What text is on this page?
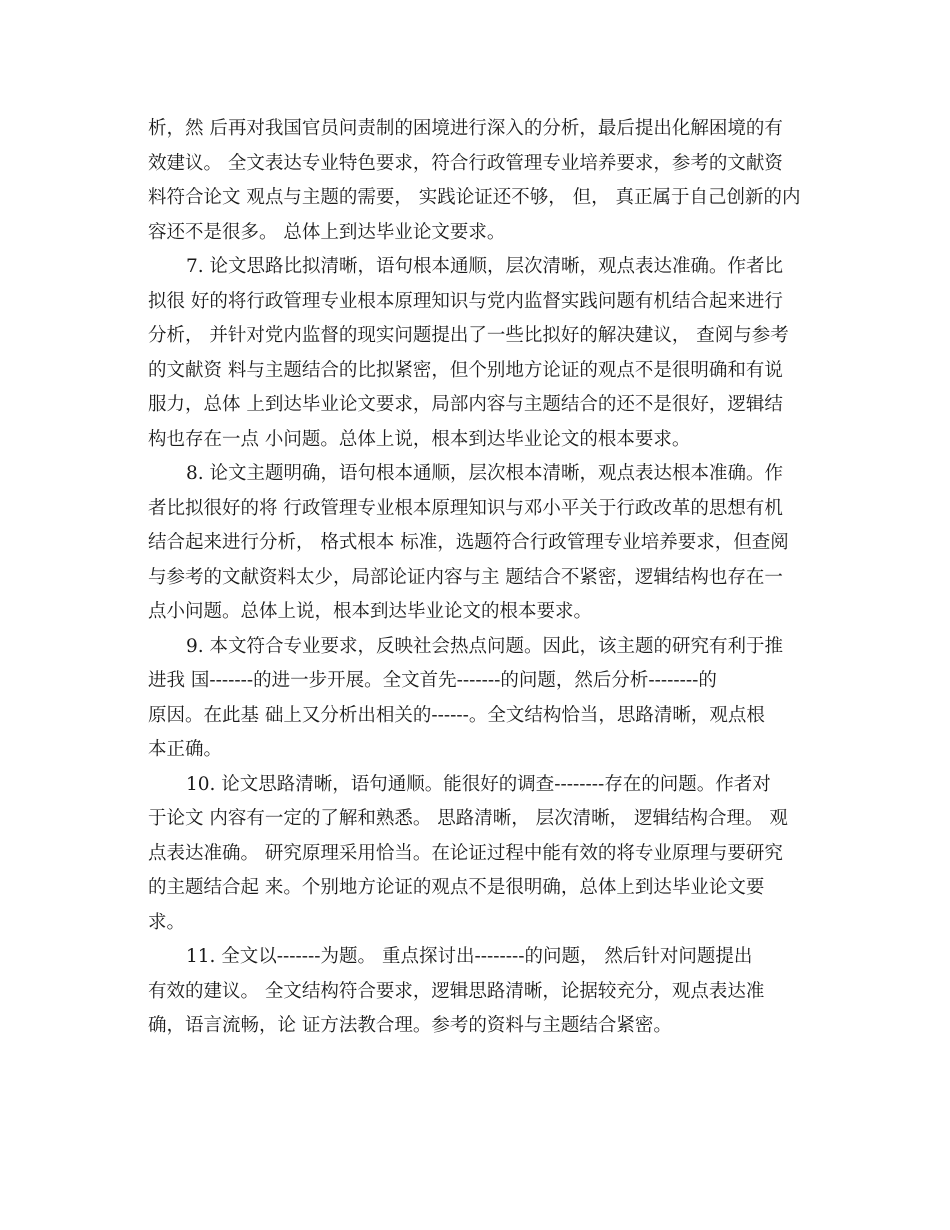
析，然 后再对我国官员问责制的困境进行深入的分析，最后提出化解困境的有
效建议。 全文表达专业特色要求，符合行政管理专业培养要求，参考的文献资
料符合论文 观点与主题的需要， 实践论证还不够， 但， 真正属于自己创新的内
容还不是很多。 总体上到达毕业论文要求。
7. 论文思路比拟清晰，语句根本通顺，层次清晰，观点表达准确。作者比
拟很 好的将行政管理专业根本原理知识与党内监督实践问题有机结合起来进行
分析， 并针对党内监督的现实问题提出了一些比拟好的解决建议， 查阅与参考
的文献资 料与主题结合的比拟紧密，但个别地方论证的观点不是很明确和有说
服力，总体 上到达毕业论文要求，局部内容与主题结合的还不是很好，逻辑结
构也存在一点 小问题。总体上说，根本到达毕业论文的根本要求。
8. 论文主题明确，语句根本通顺，层次根本清晰，观点表达根本准确。作
者比拟很好的将 行政管理专业根本原理知识与邓小平关于行政改革的思想有机
结合起来进行分析， 格式根本 标准，选题符合行政管理专业培养要求，但查阅
与参考的文献资料太少，局部论证内容与主 题结合不紧密，逻辑结构也存在一
点小问题。总体上说，根本到达毕业论文的根本要求。
9. 本文符合专业要求，反映社会热点问题。因此，该主题的研究有利于推
进我 国-------的进一步开展。全文首先-------的问题，然后分析--------的
原因。在此基 础上又分析出相关的------。全文结构恰当，思路清晰，观点根
本正确。
10. 论文思路清晰，语句通顺。能很好的调查--------存在的问题。作者对
于论文 内容有一定的了解和熟悉。 思路清晰， 层次清晰， 逻辑结构合理。 观
点表达准确。 研究原理采用恰当。在论证过程中能有效的将专业原理与要研究
的主题结合起 来。个别地方论证的观点不是很明确，总体上到达毕业论文要
求。
11. 全文以-------为题。 重点探讨出--------的问题， 然后针对问题提出
有效的建议。 全文结构符合要求，逻辑思路清晰，论据较充分，观点表达准
确，语言流畅，论 证方法教合理。参考的资料与主题结合紧密。
